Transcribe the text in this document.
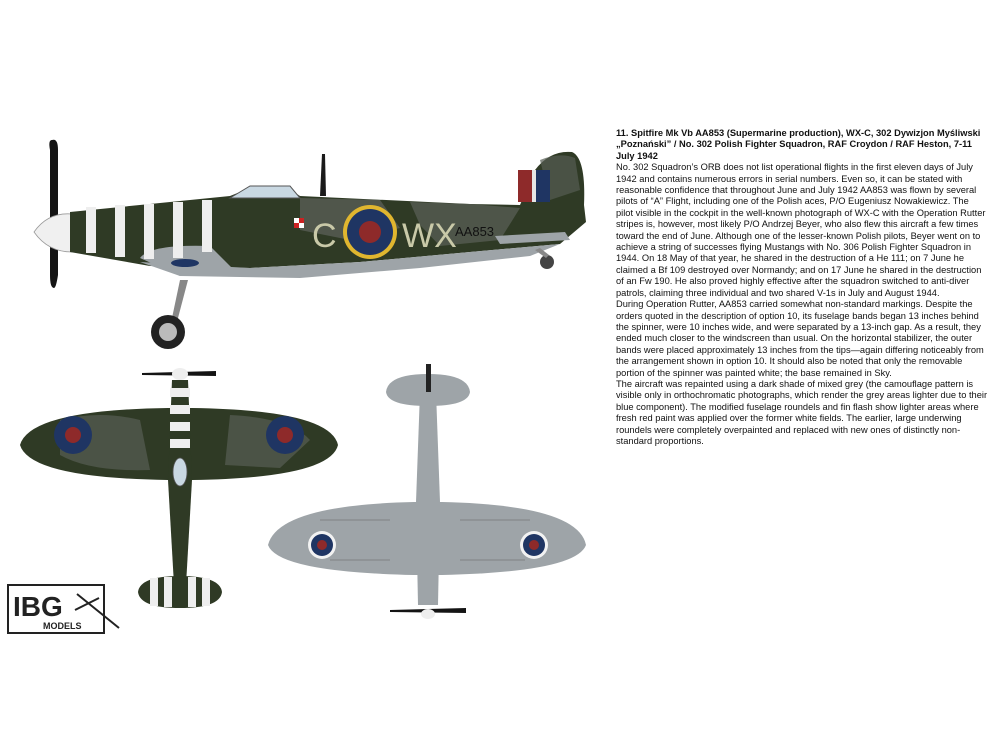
C WX
AA853
IBG
MODELS
11. Spitfire Mk Vb AA853 (Supermarine production), WX-C, 302 Dywizjon Myśliwski „Poznański” / No. 302 Polish Fighter Squadron, RAF Croydon / RAF Heston, 7-11 July 1942

No. 302 Squadron’s ORB does not list operational flights in the first eleven days of July 1942 and contains numerous errors in serial numbers. Even so, it can be stated with reasonable confidence that throughout June and July 1942 AA853 was flown by several pilots of “A” Flight, including one of the Polish aces, P/O Eugeniusz Nowakiewicz. The pilot visible in the cockpit in the well-known photograph of WX-C with the Operation Rutter stripes is, however, most likely P/O Andrzej Beyer, who also flew this aircraft a few times toward the end of June. Although one of the lesser-known Polish pilots, Beyer went on to achieve a string of successes flying Mustangs with No. 306 Polish Fighter Squadron in 1944. On 18 May of that year, he shared in the destruction of a He 111; on 7 June he claimed a Bf 109 destroyed over Normandy; and on 17 June he shared in the destruction of an Fw 190. He also proved highly effective after the squadron switched to anti-diver patrols, claiming three individual and two shared V-1s in July and August 1944.

During Operation Rutter, AA853 carried somewhat non-standard markings. Despite the orders quoted in the description of option 10, its fuselage bands began 13 inches behind the spinner, were 10 inches wide, and were separated by a 13-inch gap. As a result, they ended much closer to the windscreen than usual. On the horizontal stabilizer, the outer bands were placed approximately 13 inches from the tips—again differing noticeably from the arrangement shown in option 10. It should also be noted that only the removable portion of the spinner was painted white; the base remained in Sky.

The aircraft was repainted using a dark shade of mixed grey (the camouflage pattern is visible only in orthochromatic photographs, which render the grey areas lighter due to their blue component). The modified fuselage roundels and fin flash show lighter areas where fresh red paint was applied over the former white fields. The earlier, large underwing roundels were completely overpainted and replaced with new ones of distinctly non-standard proportions.
